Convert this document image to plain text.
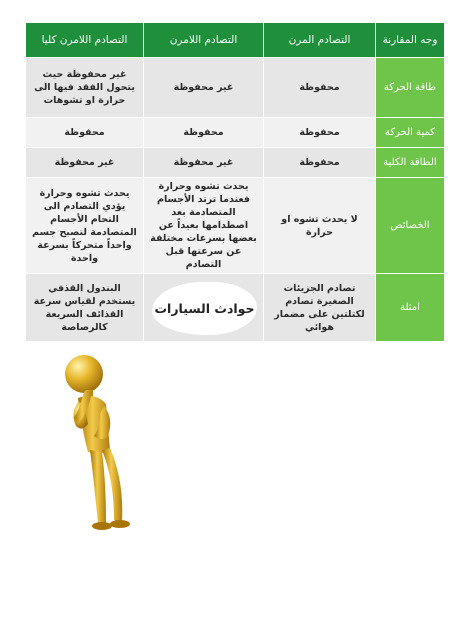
وجه المقارنة	التصادم المرن	التصادم اللامرن	التصادم اللامرن كليا
طاقة الحركة	محفوظة	غير محفوظة	غير محفوظة حيث يتحول الفقد فيها الى حرارة او تشوهات
كمية الحركة	محفوظة	محفوظة	محفوظة
الطاقة الكلية	محفوظة	غير محفوظة	غير محفوظة
الخصائص	لا يحدث تشوه او حرارة	يحدث تشوه وحرارة فعندما ترتد الأجسام المتصادمة بعد اصطدامها بعيداً عن بعضها بسرعات مختلفة عن سرعتها قبل التصادم	يحدث تشوه وحرارة يؤدي التصادم الى التحام الأجسام المتصادمة لتصبح جسم واحداً متحركاً بسرعة واحدة
امثلة	تصادم الجزيئات الصغيرة تصادم لكتلتين على مضمار هوائي	حوادث السيارات	البندول القذفي يستخدم لقياس سرعة القذائف السريعة كالرصاصة
